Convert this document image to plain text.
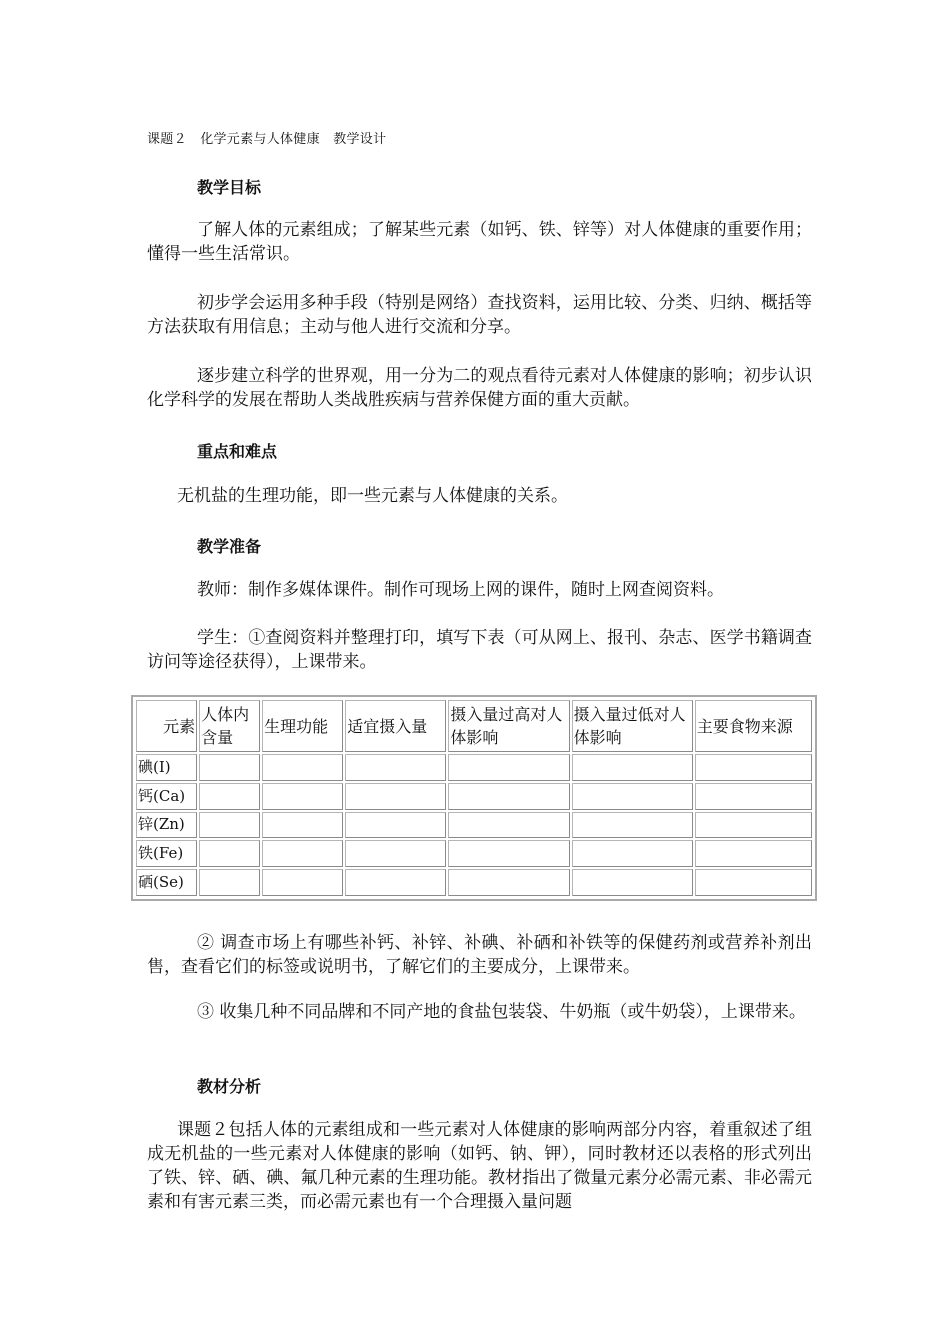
课题２　化学元素与人体健康　教学设计
教学目标

了解人体的元素组成；了解某些元素（如钙、铁、锌等）对人体健康的重要作用；懂得一些生活常识。

初步学会运用多种手段（特别是网络）查找资料，运用比较、分类、归纳、概括等方法获取有用信息；主动与他人进行交流和分享。

逐步建立科学的世界观，用一分为二的观点看待元素对人体健康的影响；初步认识化学科学的发展在帮助人类战胜疾病与营养保健方面的重大贡献。

重点和难点

无机盐的生理功能，即一些元素与人体健康的关系。

教学准备

教师：制作多媒体课件。制作可现场上网的课件，随时上网查阅资料。

学生：①查阅资料并整理打印，填写下表（可从网上、报刊、杂志、医学书籍调查访问等途径获得），上课带来。

元素	人体内含量	生理功能	适宜摄入量	摄入量过高对人体影响	摄入量过低对人体影响	主要食物来源
碘(I)						
钙(Ca)						
锌(Zn)						
铁(Fe)						
硒(Se)						

② 调查市场上有哪些补钙、补锌、补碘、补硒和补铁等的保健药剂或营养补剂出售，查看它们的标签或说明书，了解它们的主要成分，上课带来。

③ 收集几种不同品牌和不同产地的食盐包装袋、牛奶瓶（或牛奶袋），上课带来。

教材分析

课题２包括人体的元素组成和一些元素对人体健康的影响两部分内容，着重叙述了组成无机盐的一些元素对人体健康的影响（如钙、钠、钾），同时教材还以表格的形式列出了铁、锌、硒、碘、氟几种元素的生理功能。教材指出了微量元素分必需元素、非必需元素和有害元素三类，而必需元素也有一个合理摄入量问题
